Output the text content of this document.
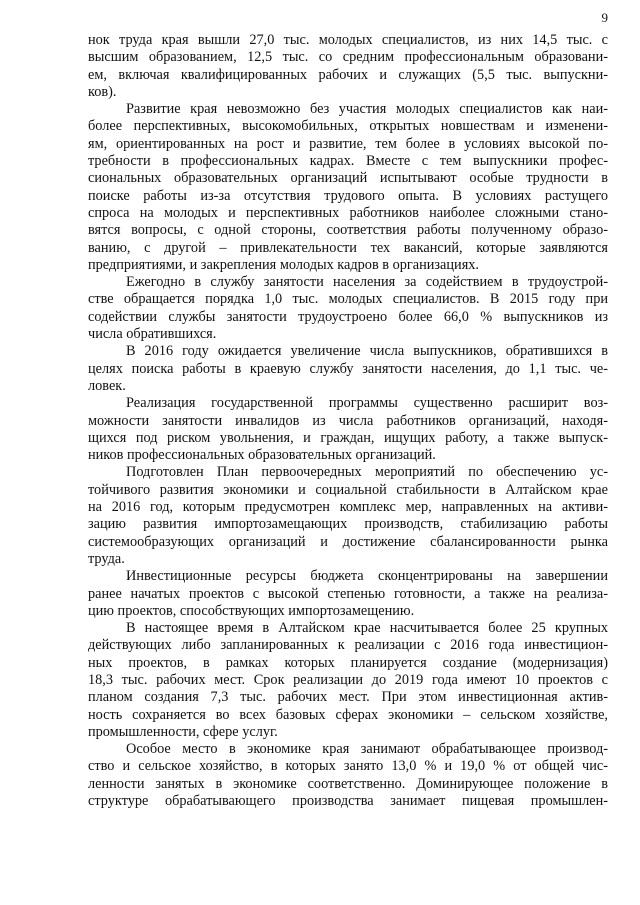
9
нок труда края вышли 27,0 тыс. молодых специалистов, из них 14,5 тыс. с
высшим образованием, 12,5 тыс. со средним профессиональным образовани-
ем, включая квалифицированных рабочих и служащих (5,5 тыс. выпускни-
ков).
Развитие края невозможно без участия молодых специалистов как наи-
более перспективных, высокомобильных, открытых новшествам и изменени-
ям, ориентированных на рост и развитие, тем более в условиях высокой по-
требности в профессиональных кадрах. Вместе с тем выпускники профес-
сиональных образовательных организаций испытывают особые трудности в
поиске работы из-за отсутствия трудового опыта. В условиях растущего
спроса на молодых и перспективных работников наиболее сложными стано-
вятся вопросы, с одной стороны, соответствия работы полученному образо-
ванию, с другой – привлекательности тех вакансий, которые заявляются
предприятиями, и закрепления молодых кадров в организациях.
Ежегодно в службу занятости населения за содействием в трудоустрой-
стве обращается порядка 1,0 тыс. молодых специалистов. В 2015 году при
содействии службы занятости трудоустроено более 66,0 % выпускников из
числа обратившихся.
В 2016 году ожидается увеличение числа выпускников, обратившихся в
целях поиска работы в краевую службу занятости населения, до 1,1 тыс. че-
ловек.
Реализация государственной программы существенно расширит воз-
можности занятости инвалидов из числа работников организаций, находя-
щихся под риском увольнения, и граждан, ищущих работу, а также выпуск-
ников профессиональных образовательных организаций.
Подготовлен План первоочередных мероприятий по обеспечению ус-
тойчивого развития экономики и социальной стабильности в Алтайском крае
на 2016 год, которым предусмотрен комплекс мер, направленных на активи-
зацию развития импортозамещающих производств, стабилизацию работы
системообразующих организаций и достижение сбалансированности рынка
труда.
Инвестиционные ресурсы бюджета сконцентрированы на завершении
ранее начатых проектов с высокой степенью готовности, а также на реализа-
цию проектов, способствующих импортозамещению.
В настоящее время в Алтайском крае насчитывается более 25 крупных
действующих либо запланированных к реализации с 2016 года инвестицион-
ных проектов, в рамках которых планируется создание (модернизация)
18,3 тыс. рабочих мест. Срок реализации до 2019 года имеют 10 проектов с
планом создания 7,3 тыс. рабочих мест. При этом инвестиционная актив-
ность сохраняется во всех базовых сферах экономики – сельском хозяйстве,
промышленности, сфере услуг.
Особое место в экономике края занимают обрабатывающее производ-
ство и сельское хозяйство, в которых занято 13,0 % и 19,0 % от общей чис-
ленности занятых в экономике соответственно. Доминирующее положение в
структуре обрабатывающего производства занимает пищевая промышлен-
